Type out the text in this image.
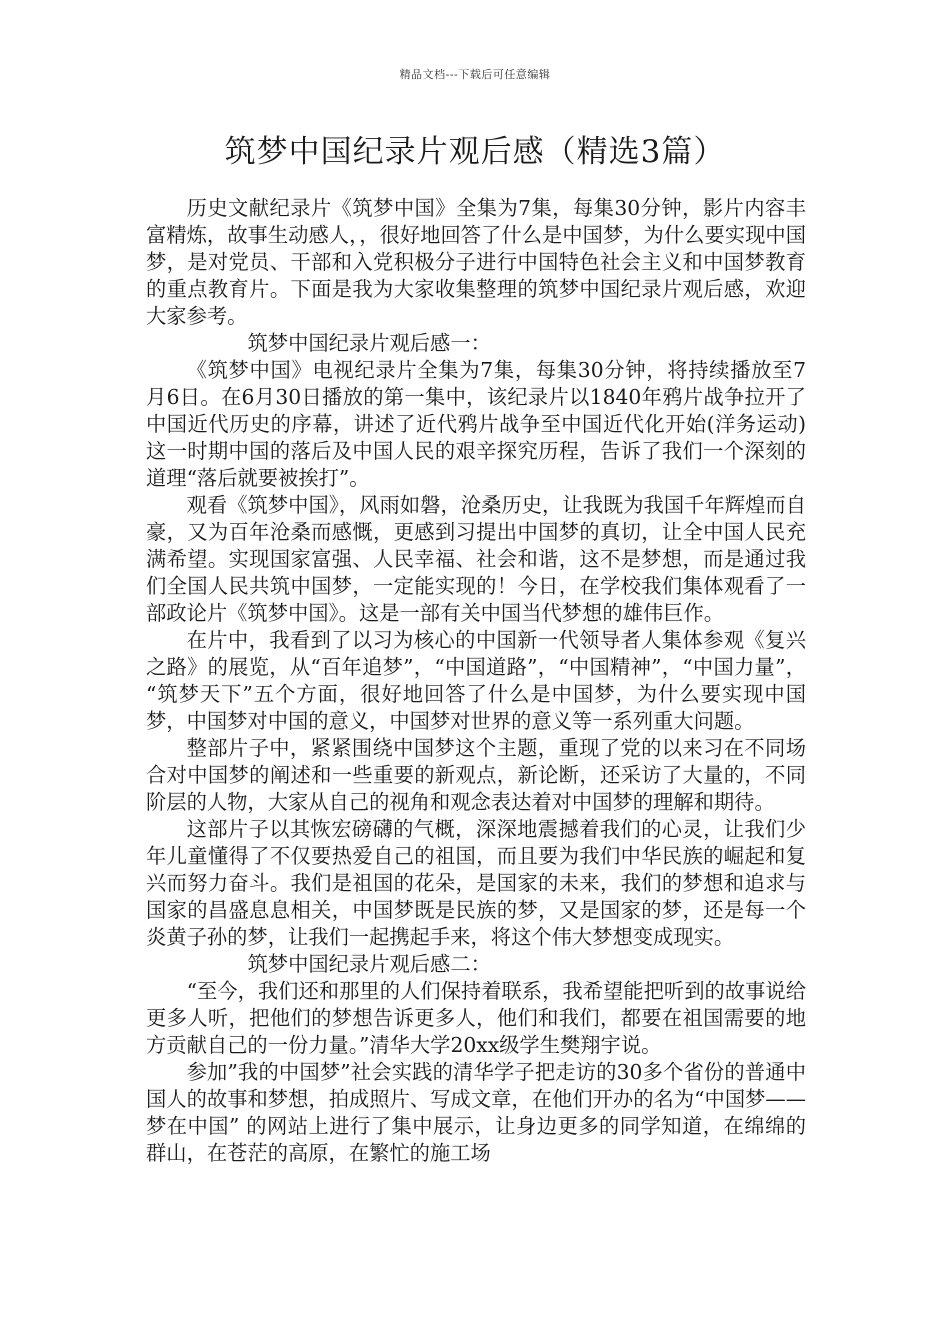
精品文档---下载后可任意编辑
筑梦中国纪录片观后感（精选3篇）

历史文献纪录片《筑梦中国》全集为7集，每集30分钟，影片内容丰富精炼，故事生动感人，，很好地回答了什么是中国梦，为什么要实现中国梦，是对党员、干部和入党积极分子进行中国特色社会主义和中国梦教育的重点教育片。下面是我为大家收集整理的筑梦中国纪录片观后感，欢迎大家参考。

筑梦中国纪录片观后感一：

《筑梦中国》电视纪录片全集为7集，每集30分钟，将持续播放至7月6日。在6月30日播放的第一集中，该纪录片以1840年鸦片战争拉开了中国近代历史的序幕，讲述了近代鸦片战争至中国近代化开始(洋务运动)这一时期中国的落后及中国人民的艰辛探究历程，告诉了我们一个深刻的道理“落后就要被挨打”。

观看《筑梦中国》，风雨如磐，沧桑历史，让我既为我国千年辉煌而自豪，又为百年沧桑而感慨，更感到习提出中国梦的真切，让全中国人民充满希望。实现国家富强、人民幸福、社会和谐，这不是梦想，而是通过我们全国人民共筑中国梦，一定能实现的！今日，在学校我们集体观看了一部政论片《筑梦中国》。这是一部有关中国当代梦想的雄伟巨作。

在片中，我看到了以习为核心的中国新一代领导者人集体参观《复兴之路》的展览，从“百年追梦”，“中国道路”，“中国精神”，“中国力量”， “筑梦天下”五个方面，很好地回答了什么是中国梦，为什么要实现中国梦，中国梦对中国的意义，中国梦对世界的意义等一系列重大问题。

整部片子中，紧紧围绕中国梦这个主题，重现了党的以来习在不同场合对中国梦的阐述和一些重要的新观点，新论断，还采访了大量的，不同阶层的人物，大家从自己的视角和观念表达着对中国梦的理解和期待。

这部片子以其恢宏磅礴的气概，深深地震撼着我们的心灵，让我们少年儿童懂得了不仅要热爱自己的祖国，而且要为我们中华民族的崛起和复兴而努力奋斗。我们是祖国的花朵，是国家的未来，我们的梦想和追求与国家的昌盛息息相关，中国梦既是民族的梦，又是国家的梦，还是每一个炎黄子孙的梦，让我们一起携起手来，将这个伟大梦想变成现实。

筑梦中国纪录片观后感二：

“至今，我们还和那里的人们保持着联系，我希望能把听到的故事说给更多人听，把他们的梦想告诉更多人，他们和我们，都要在祖国需要的地方贡献自己的一份力量。”清华大学20xx级学生樊翔宇说。

参加”我的中国梦”社会实践的清华学子把走访的30多个省份的普通中国人的故事和梦想，拍成照片、写成文章，在他们开办的名为“中国梦——梦在中国” 的网站上进行了集中展示，让身边更多的同学知道，在绵绵的群山，在苍茫的高原，在繁忙的施工场
